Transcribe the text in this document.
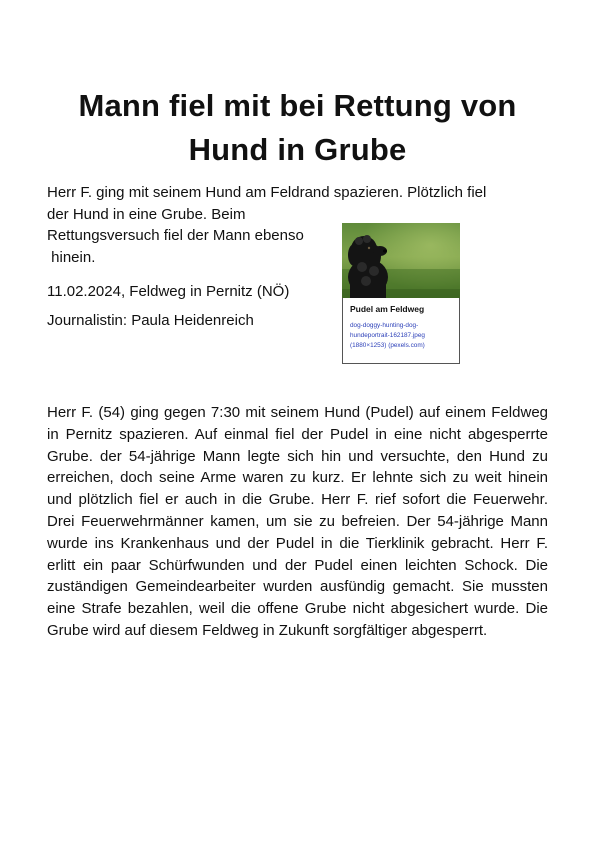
Mann fiel mit bei Rettung von Hund in Grube

Herr F. ging mit seinem Hund am Feldrand spazieren. Plötzlich fiel
der Hund in eine Grube. Beim
Rettungsversuch fiel der Mann ebenso
hinein.

11.02.2024, Feldweg in Pernitz (NÖ)

Journalistin: Paula Heidenreich

Pudel am Feldweg

dog-doggy-hunting-dog-
hundeportrait-162187.jpeg
(1880×1253) (pexels.com)

Herr F. (54) ging gegen 7:30 mit seinem Hund (Pudel) auf einem Feldweg in Pernitz spazieren. Auf einmal fiel der Pudel in eine nicht abgesperrte Grube. der 54-jährige Mann legte sich hin und versuchte, den Hund zu erreichen, doch seine Arme waren zu kurz. Er lehnte sich zu weit hinein und plötzlich fiel er auch in die Grube. Herr F. rief sofort die Feuerwehr. Drei Feuerwehrmänner kamen, um sie zu befreien. Der 54-jährige Mann wurde ins Krankenhaus und der Pudel in die Tierklinik gebracht. Herr F. erlitt ein paar Schürfwunden und der Pudel einen leichten Schock. Die zuständigen Gemeindearbeiter wurden ausfündig gemacht. Sie mussten eine Strafe bezahlen, weil die offene Grube nicht abgesichert wurde. Die Grube wird auf diesem Feldweg in Zukunft sorgfältiger abgesperrt.
